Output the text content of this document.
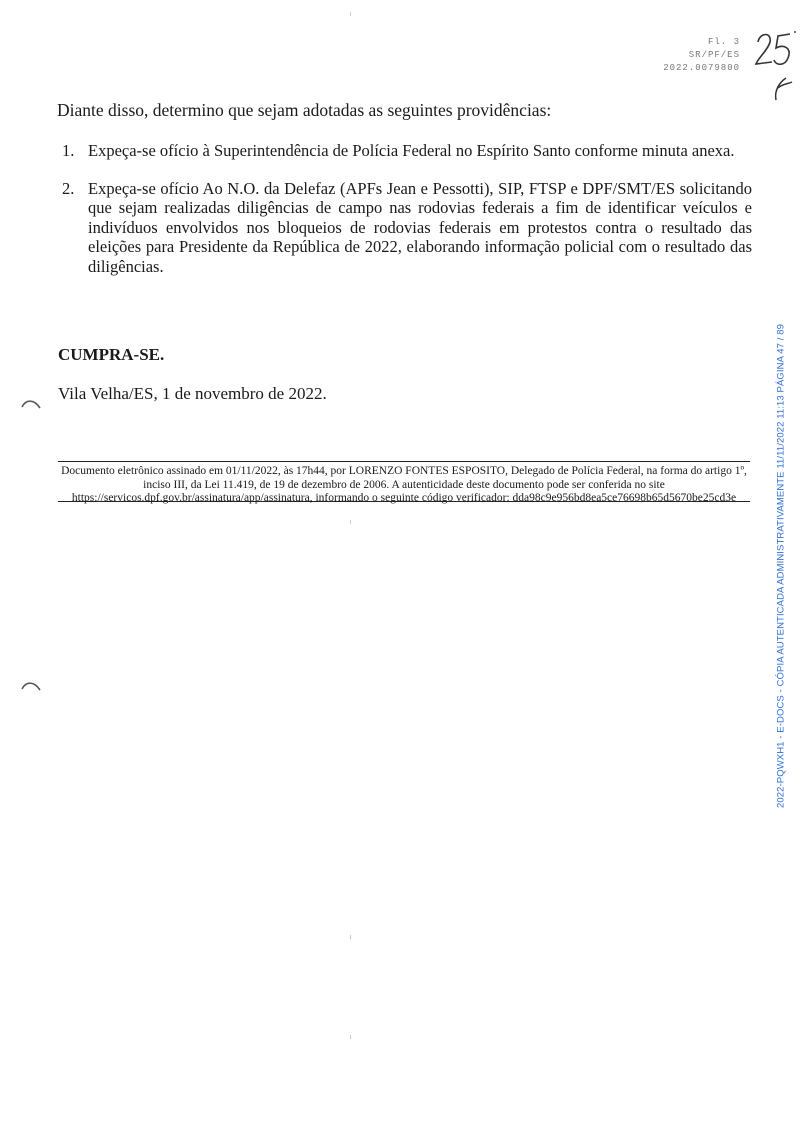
Fl. 3
SR/PF/ES
2022.0079800
Diante disso, determino que sejam adotadas as seguintes providências:
1. Expeça-se ofício à Superintendência de Polícia Federal no Espírito Santo conforme minuta anexa.
2. Expeça-se ofício Ao N.O. da Delefaz (APFs Jean e Pessotti), SIP, FTSP e DPF/SMT/ES solicitando que sejam realizadas diligências de campo nas rodovias federais a fim de identificar veículos e indivíduos envolvidos nos bloqueios de rodovias federais em protestos contra o resultado das eleições para Presidente da República de 2022, elaborando informação policial com o resultado das diligências.
CUMPRA-SE.
Vila Velha/ES, 1 de novembro de 2022.
Documento eletrônico assinado em 01/11/2022, às 17h44, por LORENZO FONTES ESPOSITO, Delegado de Polícia Federal, na forma do artigo 1º, inciso III, da Lei 11.419, de 19 de dezembro de 2006. A autenticidade deste documento pode ser conferida no site https://servicos.dpf.gov.br/assinatura/app/assinatura, informando o seguinte código verificador: dda98c9e956bd8ea5ce76698b65d5670be25cd3e	2022-PQWXH1 - E-DOCS - CÓPIA AUTENTICADA ADMINISTRATIVAMENTE 11/11/2022 11:13 PÁGINA 47 / 89
